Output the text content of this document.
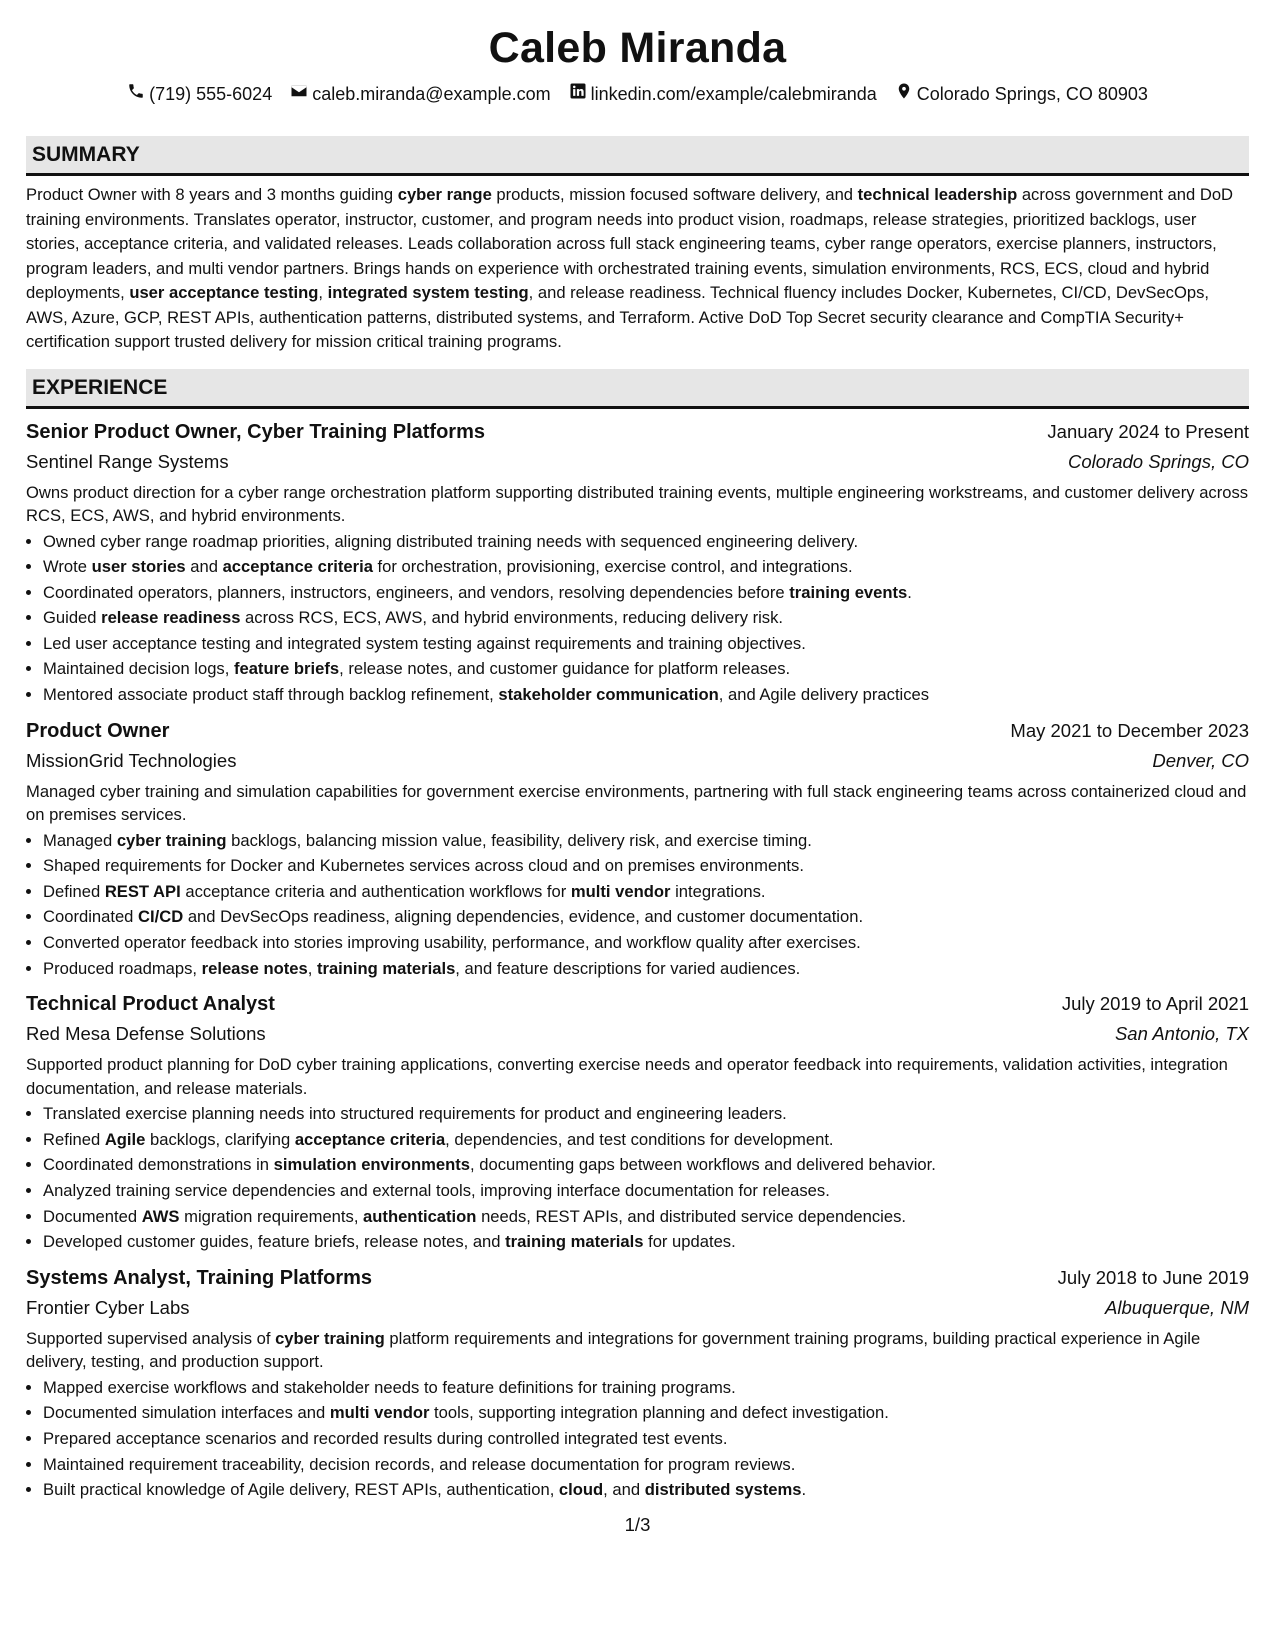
Caleb Miranda
(719) 555-6024 caleb.miranda@example.com linkedin.com/example/calebmiranda Colorado Springs, CO 80903
SUMMARY
Product Owner with 8 years and 3 months guiding cyber range products, mission focused software delivery, and technical leadership across government and DoD training environments. Translates operator, instructor, customer, and program needs into product vision, roadmaps, release strategies, prioritized backlogs, user stories, acceptance criteria, and validated releases. Leads collaboration across full stack engineering teams, cyber range operators, exercise planners, instructors, program leaders, and multi vendor partners. Brings hands on experience with orchestrated training events, simulation environments, RCS, ECS, cloud and hybrid deployments, user acceptance testing, integrated system testing, and release readiness. Technical fluency includes Docker, Kubernetes, CI/CD, DevSecOps, AWS, Azure, GCP, REST APIs, authentication patterns, distributed systems, and Terraform. Active DoD Top Secret security clearance and CompTIA Security+ certification support trusted delivery for mission critical training programs.
EXPERIENCE
Senior Product Owner, Cyber Training Platforms	January 2024 to Present
Sentinel Range Systems	Colorado Springs, CO
Owns product direction for a cyber range orchestration platform supporting distributed training events, multiple engineering workstreams, and customer delivery across RCS, ECS, AWS, and hybrid environments.
• Owned cyber range roadmap priorities, aligning distributed training needs with sequenced engineering delivery.
• Wrote user stories and acceptance criteria for orchestration, provisioning, exercise control, and integrations.
• Coordinated operators, planners, instructors, engineers, and vendors, resolving dependencies before training events.
• Guided release readiness across RCS, ECS, AWS, and hybrid environments, reducing delivery risk.
• Led user acceptance testing and integrated system testing against requirements and training objectives.
• Maintained decision logs, feature briefs, release notes, and customer guidance for platform releases.
• Mentored associate product staff through backlog refinement, stakeholder communication, and Agile delivery practices
Product Owner	May 2021 to December 2023
MissionGrid Technologies	Denver, CO
Managed cyber training and simulation capabilities for government exercise environments, partnering with full stack engineering teams across containerized cloud and on premises services.
• Managed cyber training backlogs, balancing mission value, feasibility, delivery risk, and exercise timing.
• Shaped requirements for Docker and Kubernetes services across cloud and on premises environments.
• Defined REST API acceptance criteria and authentication workflows for multi vendor integrations.
• Coordinated CI/CD and DevSecOps readiness, aligning dependencies, evidence, and customer documentation.
• Converted operator feedback into stories improving usability, performance, and workflow quality after exercises.
• Produced roadmaps, release notes, training materials, and feature descriptions for varied audiences.
Technical Product Analyst	July 2019 to April 2021
Red Mesa Defense Solutions	San Antonio, TX
Supported product planning for DoD cyber training applications, converting exercise needs and operator feedback into requirements, validation activities, integration documentation, and release materials.
• Translated exercise planning needs into structured requirements for product and engineering leaders.
• Refined Agile backlogs, clarifying acceptance criteria, dependencies, and test conditions for development.
• Coordinated demonstrations in simulation environments, documenting gaps between workflows and delivered behavior.
• Analyzed training service dependencies and external tools, improving interface documentation for releases.
• Documented AWS migration requirements, authentication needs, REST APIs, and distributed service dependencies.
• Developed customer guides, feature briefs, release notes, and training materials for updates.
Systems Analyst, Training Platforms	July 2018 to June 2019
Frontier Cyber Labs	Albuquerque, NM
Supported supervised analysis of cyber training platform requirements and integrations for government training programs, building practical experience in Agile delivery, testing, and production support.
• Mapped exercise workflows and stakeholder needs to feature definitions for training programs.
• Documented simulation interfaces and multi vendor tools, supporting integration planning and defect investigation.
• Prepared acceptance scenarios and recorded results during controlled integrated test events.
• Maintained requirement traceability, decision records, and release documentation for program reviews.
• Built practical knowledge of Agile delivery, REST APIs, authentication, cloud, and distributed systems.
1/3
